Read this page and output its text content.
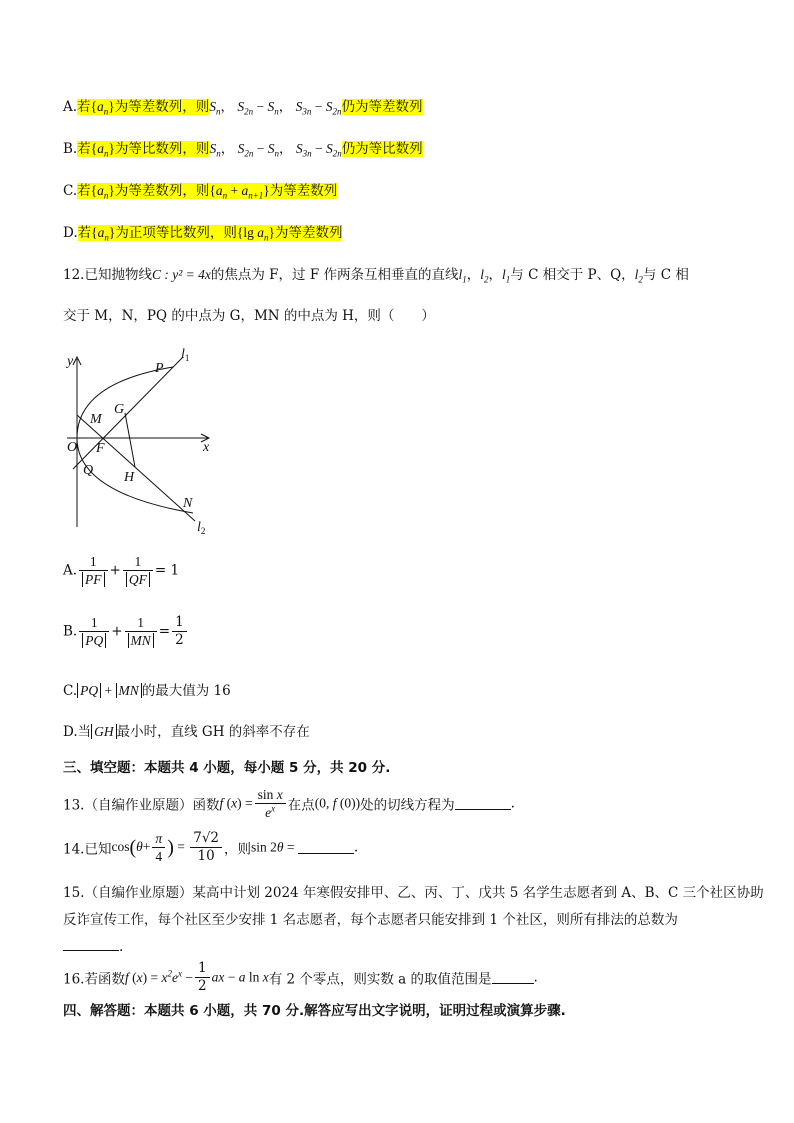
A.若$\{a_n\}$为等差数列，则$S_n$， $S_{2n} - S_n$， $S_{3n} - S_{2n}$仍为等差数列
B.若$\{a_n\}$为等比数列，则$S_n$， $S_{2n} - S_n$， $S_{3n} - S_{2n}$仍为等比数列
C.若$\{a_n\}$为等差数列，则$\{a_n + a_{n+1}\}$为等差数列
D.若$\{a_n\}$为正项等比数列，则{lg $a_n$}为等差数列
12.已知抛物线C : y² = 4x的焦点为 F，过 F 作两条互相垂直的直线$l_1$，$l_2$，$l_1$与 C 相交于 P、Q，$l_2$与 C 相
交于 M，N，PQ 的中点为 G，MN 的中点为 H，则（　　）
y
x
O F
P
Q
M
N
G
H
$l_1$
$l_2$
A. $\frac{1}{PF} + \frac{1}{QF} = 1$
B. $\frac{1}{PQ} + \frac{1}{MN} = \frac{1}{2}$
C. PQ + MN 的最大值为 16
D.当 GH 最小时，直线 GH 的斜率不存在
三、填空题：本题共 4 小题，每小题 5 分，共 20 分.
13.（自编作业原题）函数f $(x) = \frac{\text{sin x}}{e^x}$ 在点(0, f (0))处的切线方程为	.
14.已知$\cos(\theta+ \frac{\pi}{4}$ ) = $\frac{7√2}{10}$ ，则sin 2θ =	.
15.（自编作业原题）某高中计划 2024 年寒假安排甲、乙、丙、丁、戊共 5 名学生志愿者到 A、B、C 三个社区协助
反诈宣传工作，每个社区至少安排 1 名志愿者，每个志愿者只能安排到 1 个社区，则所有排法的总数为
.
16.若函数f $(x) = x^2e^x - \frac{1}{2}$ ax − a ln x有 2 个零点，则实数 a 的取值范围是	.
四、解答题：本题共 6 小题，共 70 分.解答应写出文字说明，证明过程或演算步骤.
